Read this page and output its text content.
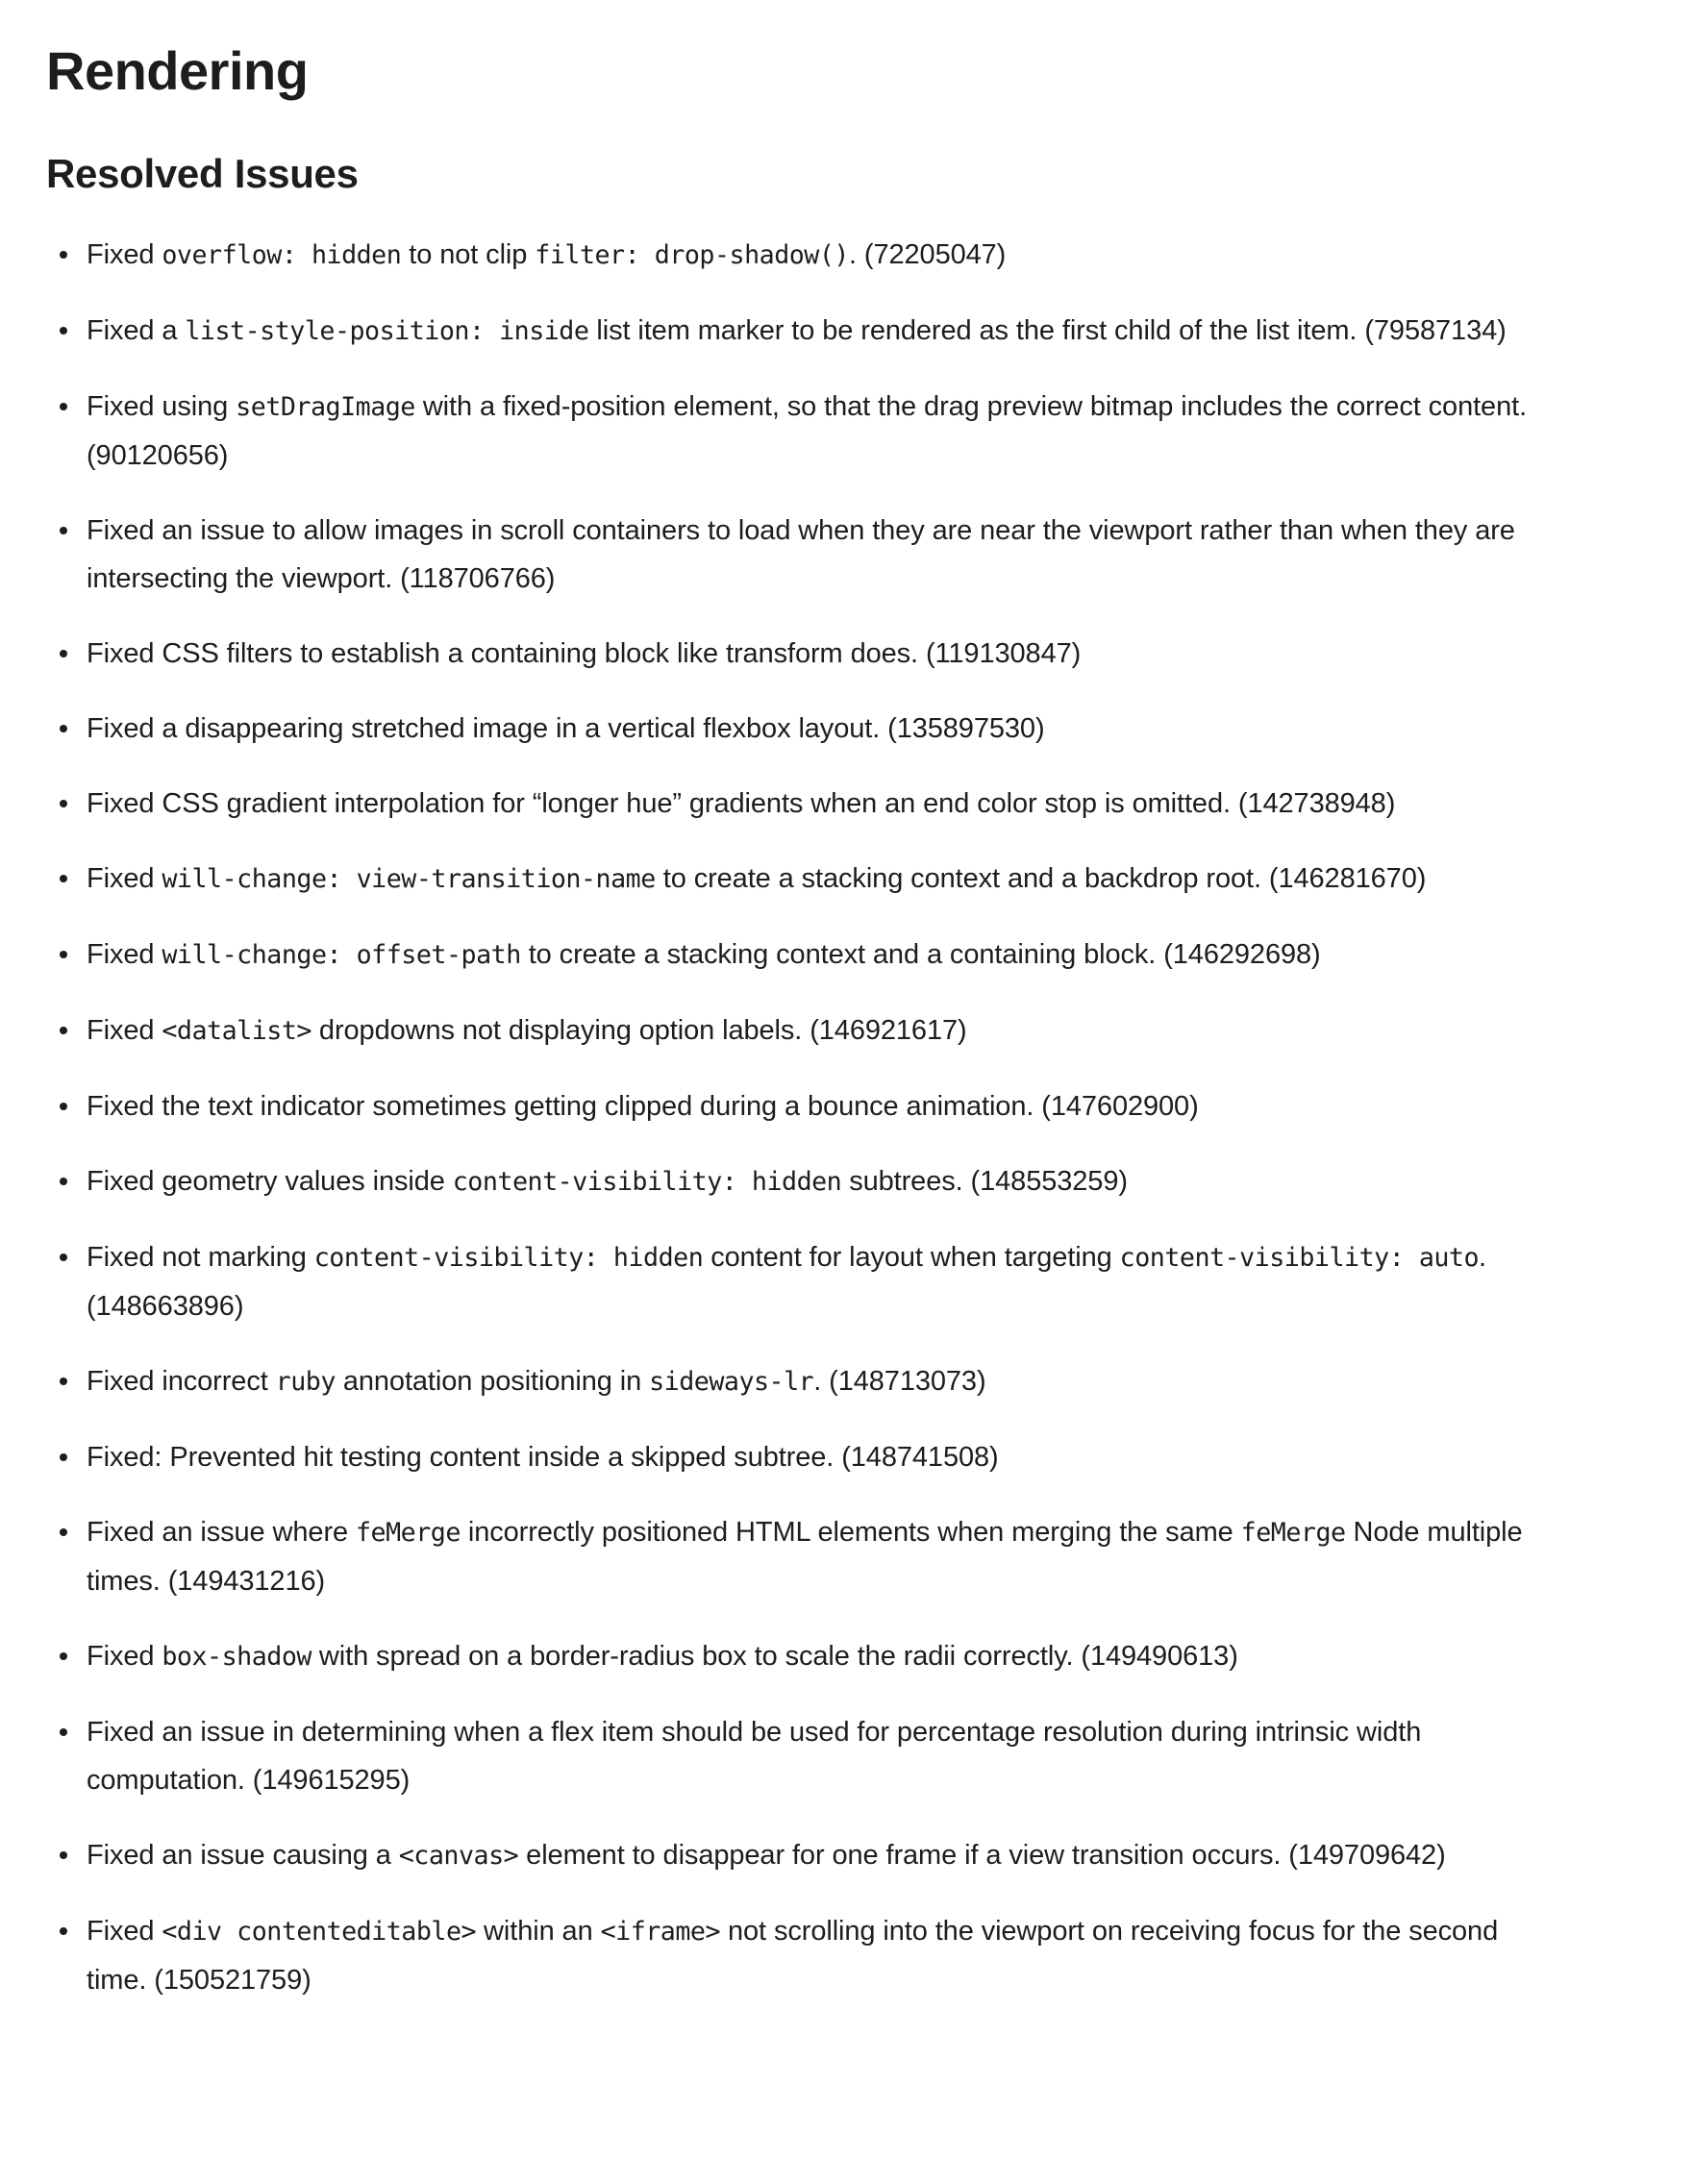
Rendering
Resolved Issues
Fixed overflow: hidden to not clip filter: drop-shadow(). (72205047)
Fixed a list-style-position: inside list item marker to be rendered as the first child of the list item. (79587134)
Fixed using setDragImage with a fixed-position element, so that the drag preview bitmap includes the correct content. (90120656)
Fixed an issue to allow images in scroll containers to load when they are near the viewport rather than when they are intersecting the viewport. (118706766)
Fixed CSS filters to establish a containing block like transform does. (119130847)
Fixed a disappearing stretched image in a vertical flexbox layout. (135897530)
Fixed CSS gradient interpolation for “longer hue” gradients when an end color stop is omitted. (142738948)
Fixed will-change: view-transition-name to create a stacking context and a backdrop root. (146281670)
Fixed will-change: offset-path to create a stacking context and a containing block. (146292698)
Fixed <datalist> dropdowns not displaying option labels. (146921617)
Fixed the text indicator sometimes getting clipped during a bounce animation. (147602900)
Fixed geometry values inside content-visibility: hidden subtrees. (148553259)
Fixed not marking content-visibility: hidden content for layout when targeting content-visibility: auto. (148663896)
Fixed incorrect ruby annotation positioning in sideways-lr. (148713073)
Fixed: Prevented hit testing content inside a skipped subtree. (148741508)
Fixed an issue where feMerge incorrectly positioned HTML elements when merging the same feMerge Node multiple times. (149431216)
Fixed box-shadow with spread on a border-radius box to scale the radii correctly. (149490613)
Fixed an issue in determining when a flex item should be used for percentage resolution during intrinsic width computation. (149615295)
Fixed an issue causing a <canvas> element to disappear for one frame if a view transition occurs. (149709642)
Fixed <div contenteditable> within an <iframe> not scrolling into the viewport on receiving focus for the second time. (150521759)
